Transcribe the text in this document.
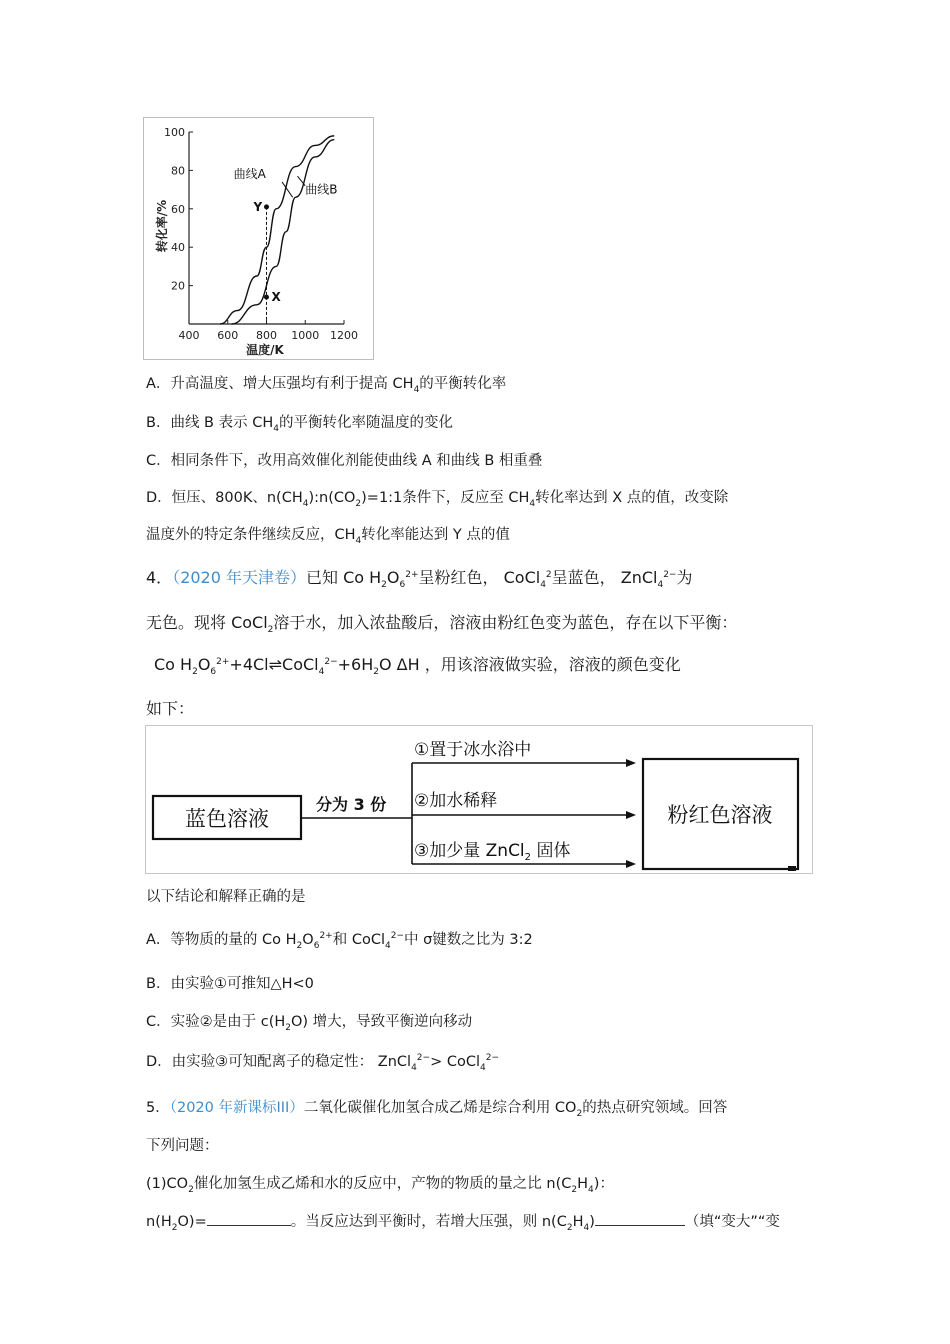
400 600 800 1000 1200
20
40
60
80
100
曲线A
曲线B
Y
X
转化率/%
温度/K
A．升高温度、增大压强均有利于提高 $CH_4$的平衡转化率
B．曲线 B 表示 $CH_4$的平衡转化率随温度的变化
C．相同条件下，改用高效催化剂能使曲线 A 和曲线 B 相重叠
D．恒压、800K、$n(CH_4):n(CO_2)=1:1$条件下，反应至 $CH_4$转化率达到 X 点的值，改变除
温度外的特定条件继续反应，$CH_4$转化率能达到 Y 点的值
4．（2020 年天津卷）已知 Co $H_2O_6^{2+}$呈粉红色， CoCl$_4^2$呈蓝色， ZnCl$_4^{2-}$为
无色。现将 CoCl$_2$溶于水，加入浓盐酸后，溶液由粉红色变为蓝色，存在以下平衡：
Co $H_2O_6^{2+}+4Cl\rightleftharpoons CoCl_4^{2-}+6H_2O$ ΔH ，用该溶液做实验，溶液的颜色变化
如下：
蓝色溶液
分为 3 份
①置于冰水浴中
②加水稀释
③加少量 ZnCl$_2$ 固体
粉红色溶液
以下结论和解释正确的是
A．等物质的量的 Co $H_2O_6^{2+}$和 CoCl$_4^{2-}$中 σ键数之比为 3:2
B．由实验①可推知△H<0
C．实验②是由于 $c(H_2O)$ 增大，导致平衡逆向移动
D．由实验③可知配离子的稳定性： ZnCl$_4^{2-}$> CoCl$_4^{2-}$
5．（2020 年新课标III）二氧化碳催化加氢合成乙烯是综合利用 $CO_2$的热点研究领域。回答
下列问题：
$(1)CO_2$催化加氢生成乙烯和水的反应中，产物的物质的量之比 $n(C_2H_4)$：
$n(H_2O)=$	。当反应达到平衡时，若增大压强，则 $n(C_2H_4)$	（填“变大”“变
